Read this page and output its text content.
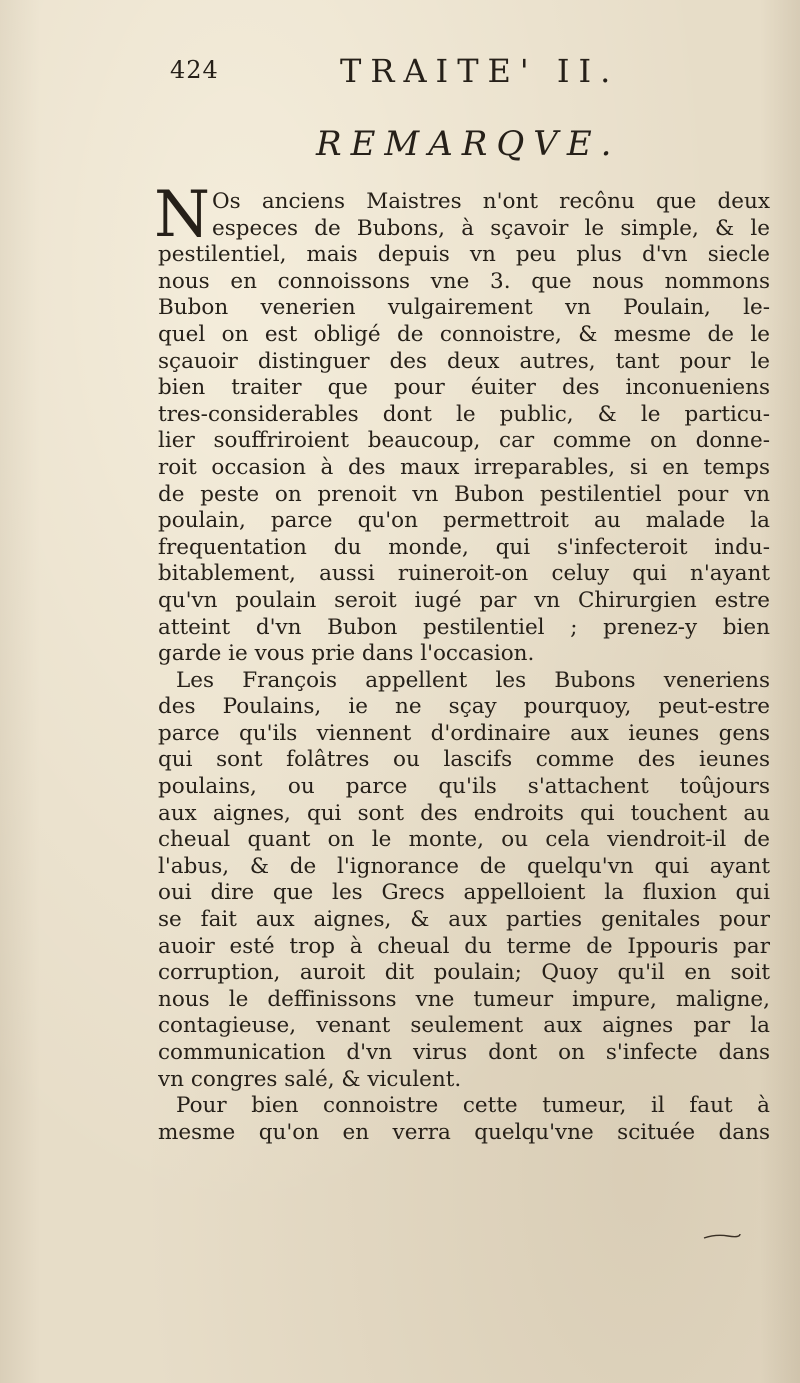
424	TRAITE' II.
REMARQVE.
N Os anciens Maistres n'ont recônu que deux
especes de Bubons, à sçavoir le simple, & le
pestilentiel, mais depuis vn peu plus d'vn siecle
nous en connoissons vne 3. que nous nommons
Bubon venerien vulgairement vn Poulain, le-
quel on est obligé de connoistre, & mesme de le
sçauoir distinguer des deux autres, tant pour le
bien traiter que pour éuiter des inconueniens
tres-considerables dont le public, & le particu-
lier souffriroient beaucoup, car comme on donne-
roit occasion à des maux irreparables, si en temps
de peste on prenoit vn Bubon pestilentiel pour vn
poulain, parce qu'on permettroit au malade la
frequentation du monde, qui s'infecteroit indu-
bitablement, aussi ruineroit-on celuy qui n'ayant
qu'vn poulain seroit iugé par vn Chirurgien estre
atteint d'vn Bubon pestilentiel ; prenez-y bien
garde ie vous prie dans l'occasion.
Les François appellent les Bubons veneriens
des Poulains, ie ne sçay pourquoy, peut-estre
parce qu'ils viennent d'ordinaire aux ieunes gens
qui sont folâtres ou lascifs comme des ieunes
poulains, ou parce qu'ils s'attachent toûjours
aux aignes, qui sont des endroits qui touchent au
cheual quant on le monte, ou cela viendroit-il de
l'abus, & de l'ignorance de quelqu'vn qui ayant
oui dire que les Grecs appelloient la fluxion qui
se fait aux aignes, & aux parties genitales pour
auoir esté trop à cheual du terme de Ippouris par
corruption, auroit dit poulain; Quoy qu'il en soit
nous le deffinissons vne tumeur impure, maligne,
contagieuse, venant seulement aux aignes par la
communication d'vn virus dont on s'infecte dans
vn congres salé, & viculent.
Pour bien connoistre cette tumeur, il faut à
mesme qu'on en verra quelqu'vne scituée dans
